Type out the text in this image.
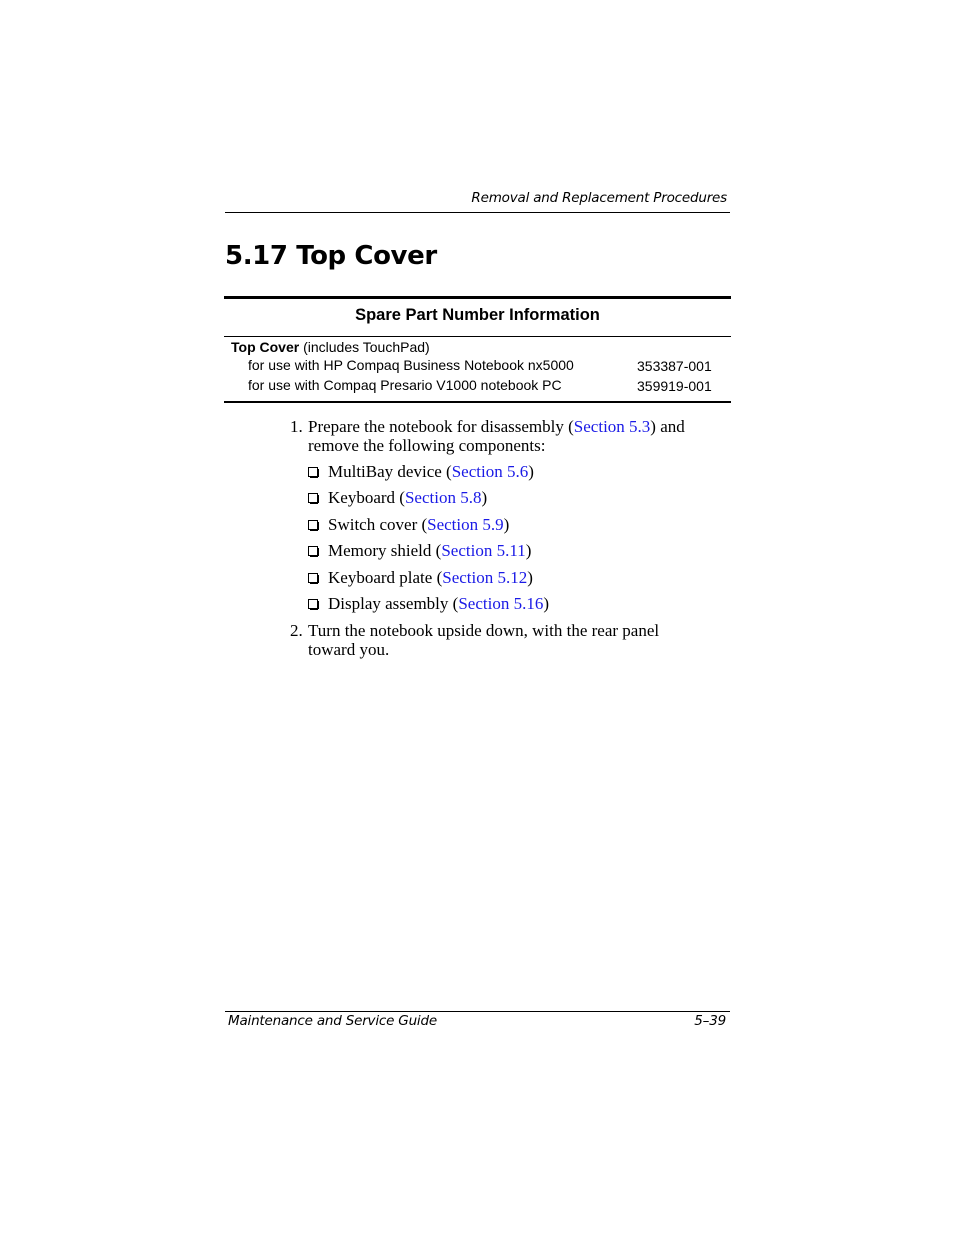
Removal and Replacement Procedures
5.17 Top Cover
Spare Part Number Information
Top Cover (includes TouchPad)
for use with HP Compaq Business Notebook nx5000	353387-001
for use with Compaq Presario V1000 notebook PC	359919-001
1. Prepare the notebook for disassembly (Section 5.3) and
remove the following components:
MultiBay device (Section 5.6)
Keyboard (Section 5.8)
Switch cover (Section 5.9)
Memory shield (Section 5.11)
Keyboard plate (Section 5.12)
Display assembly (Section 5.16)
2. Turn the notebook upside down, with the rear panel
toward you.
Maintenance and Service Guide	5–39
